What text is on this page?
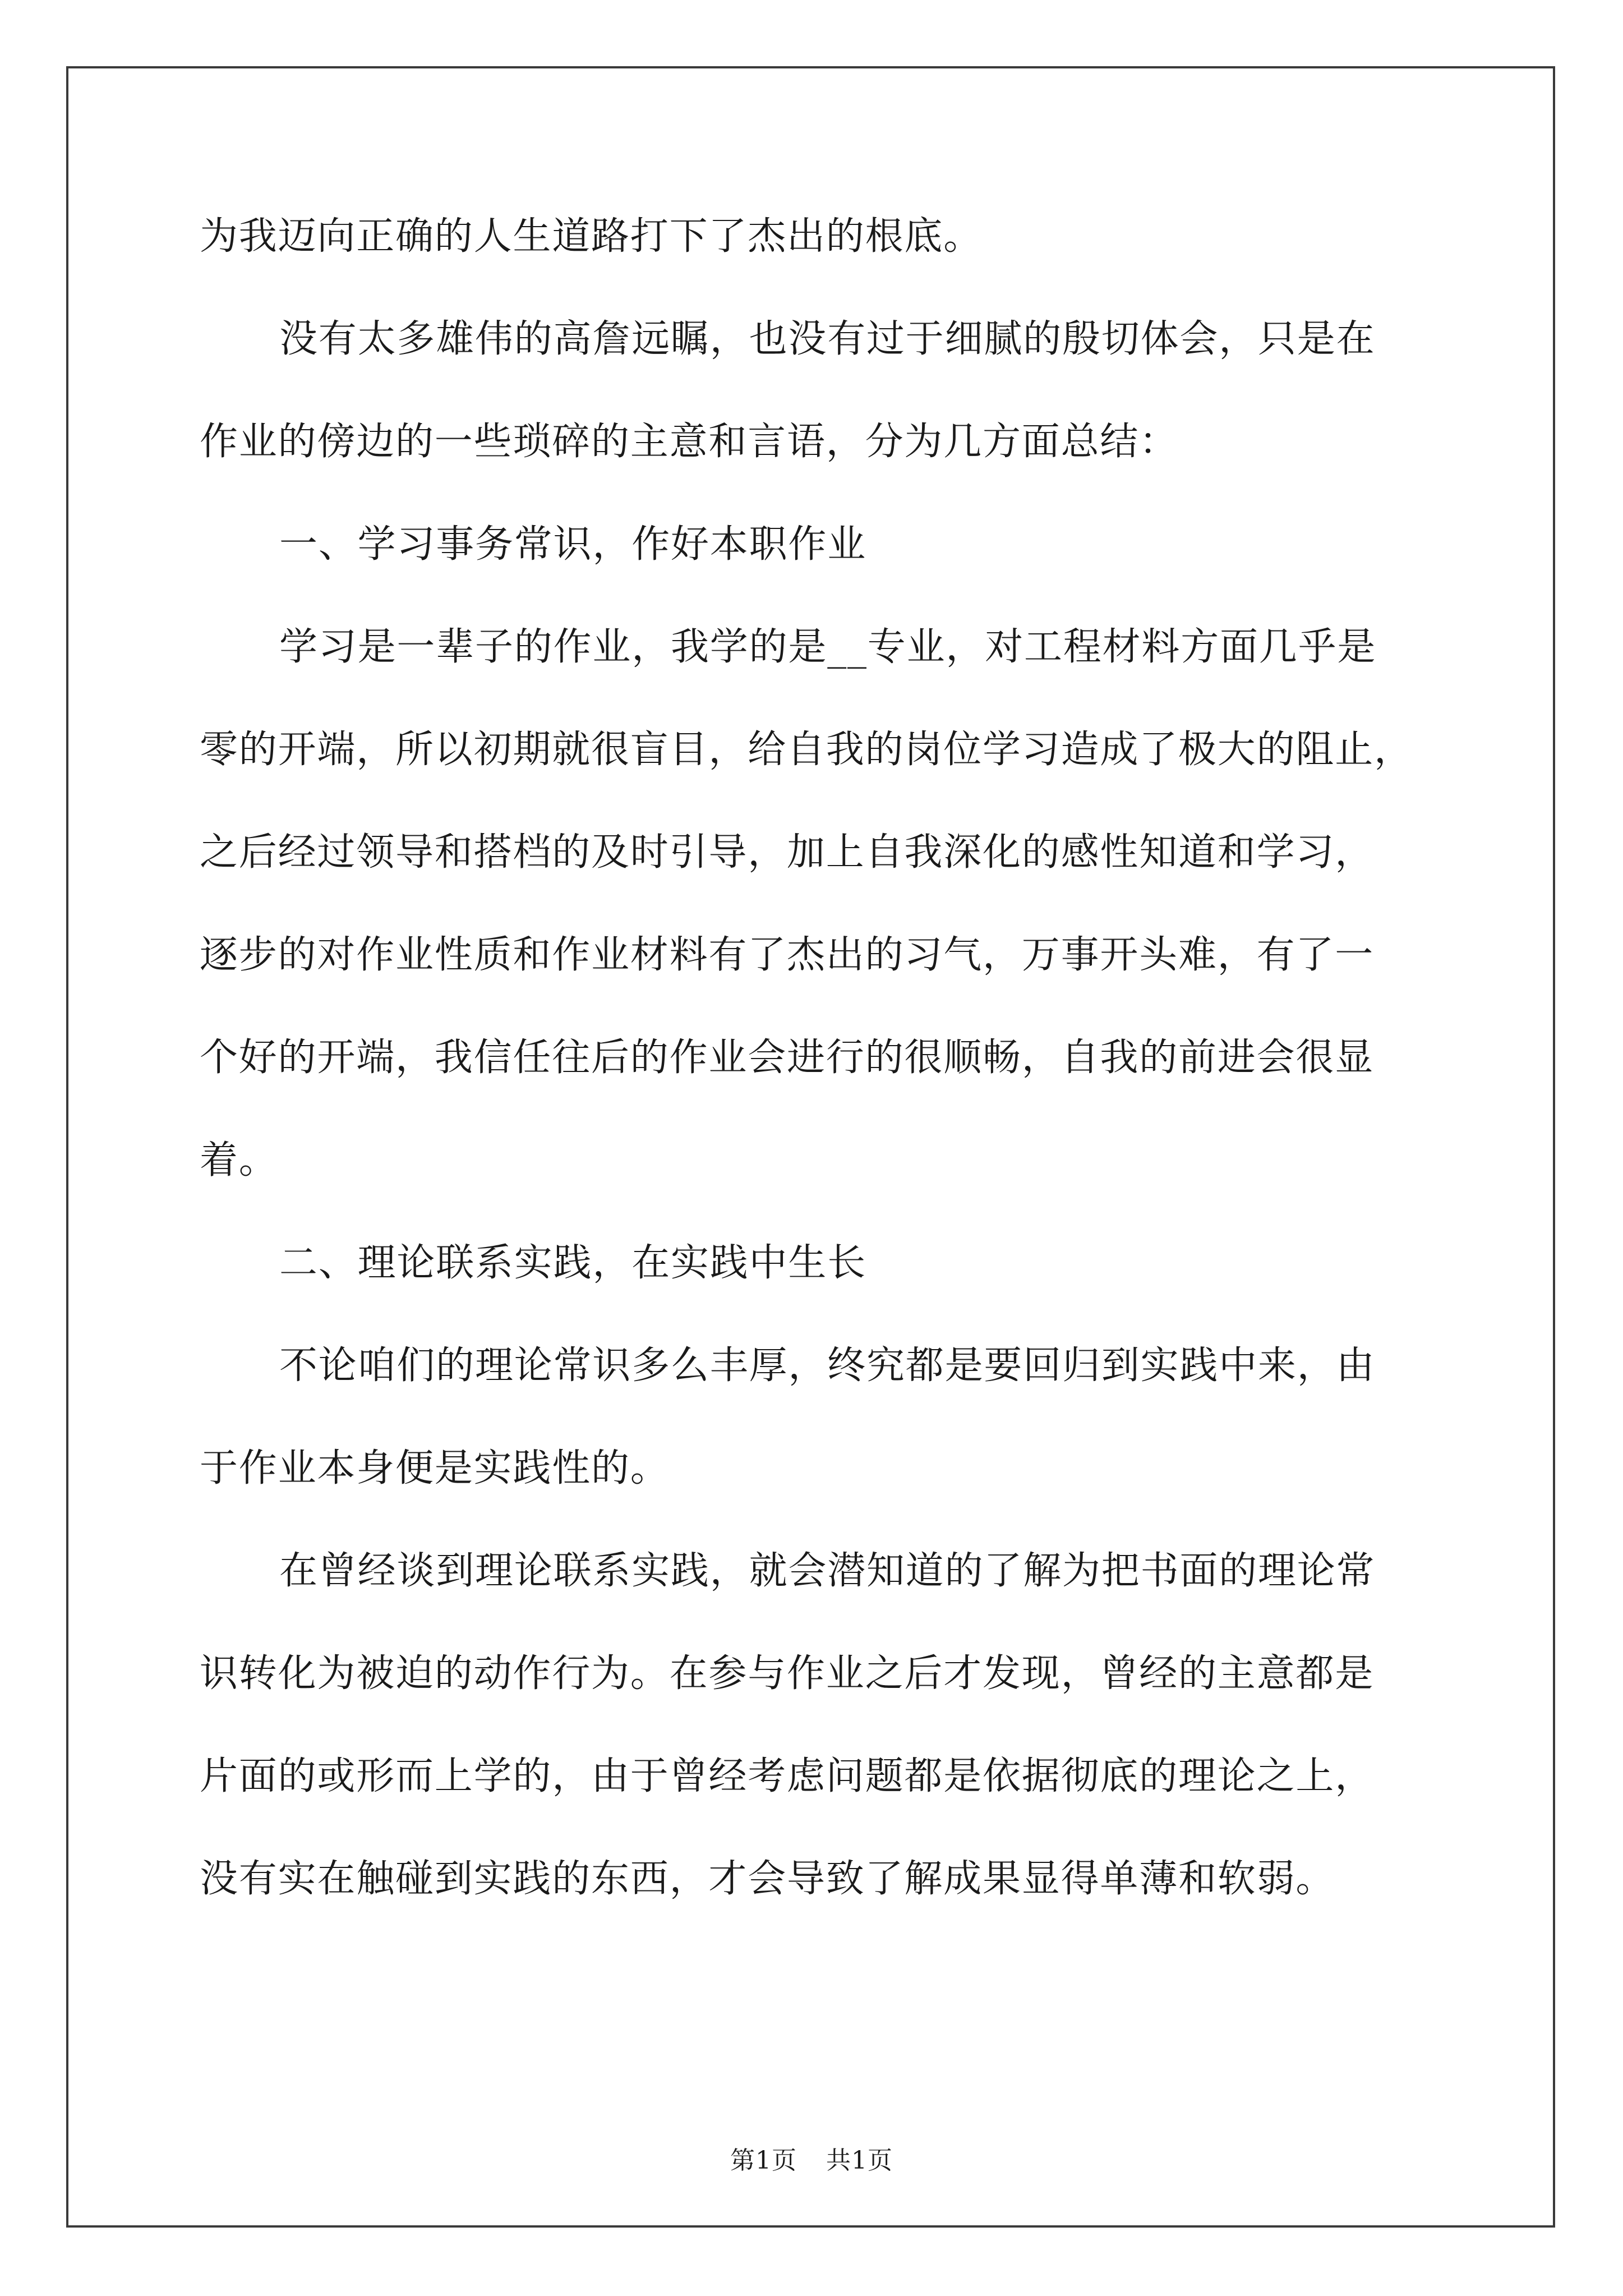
为我迈向正确的人生道路打下了杰出的根底。
没有太多雄伟的高詹远瞩，也没有过于细腻的殷切体会，只是在
作业的傍边的一些琐碎的主意和言语，分为几方面总结：
一、学习事务常识，作好本职作业
学习是一辈子的作业，我学的是__专业，对工程材料方面几乎是
零的开端，所以初期就很盲目，给自我的岗位学习造成了极大的阻止，
之后经过领导和搭档的及时引导，加上自我深化的感性知道和学习，
逐步的对作业性质和作业材料有了杰出的习气，万事开头难，有了一
个好的开端，我信任往后的作业会进行的很顺畅，自我的前进会很显
着。
二、理论联系实践，在实践中生长
不论咱们的理论常识多么丰厚，终究都是要回归到实践中来，由
于作业本身便是实践性的。
在曾经谈到理论联系实践，就会潜知道的了解为把书面的理论常
识转化为被迫的动作行为。在参与作业之后才发现，曾经的主意都是
片面的或形而上学的，由于曾经考虑问题都是依据彻底的理论之上，
没有实在触碰到实践的东西，才会导致了解成果显得单薄和软弱。
第1页 共1页
